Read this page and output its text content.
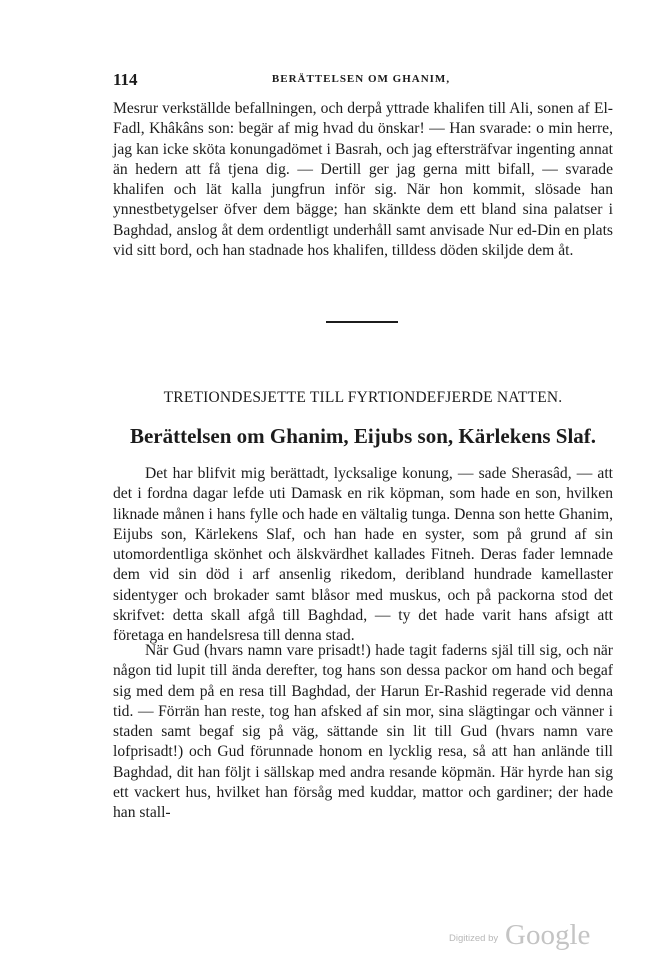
114	BERÄTTELSEN OM GHANIM,

Mesrur verkställde befallningen, och derpå yttrade khalifen till Ali, sonen af El-Fadl, Khâkâns son: begär af mig hvad du önskar! — Han svarade: o min herre, jag kan icke sköta konungadömet i Basrah, och jag eftersträfvar ingenting annat än hedern att få tjena dig. — Dertill ger jag gerna mitt bifall, — svarade khalifen och lät kalla jungfrun inför sig. När hon kommit, slösade han ynnestbetygelser öfver dem bägge; han skänkte dem ett bland sina palatser i Baghdad, anslog åt dem ordentligt underhåll samt anvisade Nur ed-Din en plats vid sitt bord, och han stadnade hos khalifen, tilldess döden skiljde dem åt.

TRETIONDESJETTE TILL FYRTIONDEFJERDE NATTEN.
Berättelsen om Ghanim, Eijubs son, Kärlekens Slaf.

Det har blifvit mig berättadt, lycksalige konung, — sade Sherasâd, — att det i fordna dagar lefde uti Damask en rik köpman, som hade en son, hvilken liknade månen i hans fylle och hade en vältalig tunga. Denna son hette Ghanim, Eijubs son, Kärlekens Slaf, och han hade en syster, som på grund af sin utomordentliga skönhet och älskvärdhet kallades Fitneh. Deras fader lemnade dem vid sin död i arf ansenlig rikedom, deribland hundrade kamellaster sidentyger och brokader samt blåsor med muskus, och på packorna stod det skrifvet: detta skall afgå till Baghdad, — ty det hade varit hans afsigt att företaga en handelsresa till denna stad.

När Gud (hvars namn vare prisadt!) hade tagit faderns själ till sig, och när någon tid lupit till ända derefter, tog hans son dessa packor om hand och begaf sig med dem på en resa till Baghdad, der Harun Er-Rashid regerade vid denna tid. — Förrän han reste, tog han afsked af sin mor, sina slägtingar och vänner i staden samt begaf sig på väg, sättande sin lit till Gud (hvars namn vare lofprisadt!) och Gud förunnade honom en lycklig resa, så att han anlände till Baghdad, dit han följt i sällskap med andra resande köpmän. Här hyrde han sig ett vackert hus, hvilket han försåg med kuddar, mattor och gardiner; der hade han stall-

Digitized by Google
